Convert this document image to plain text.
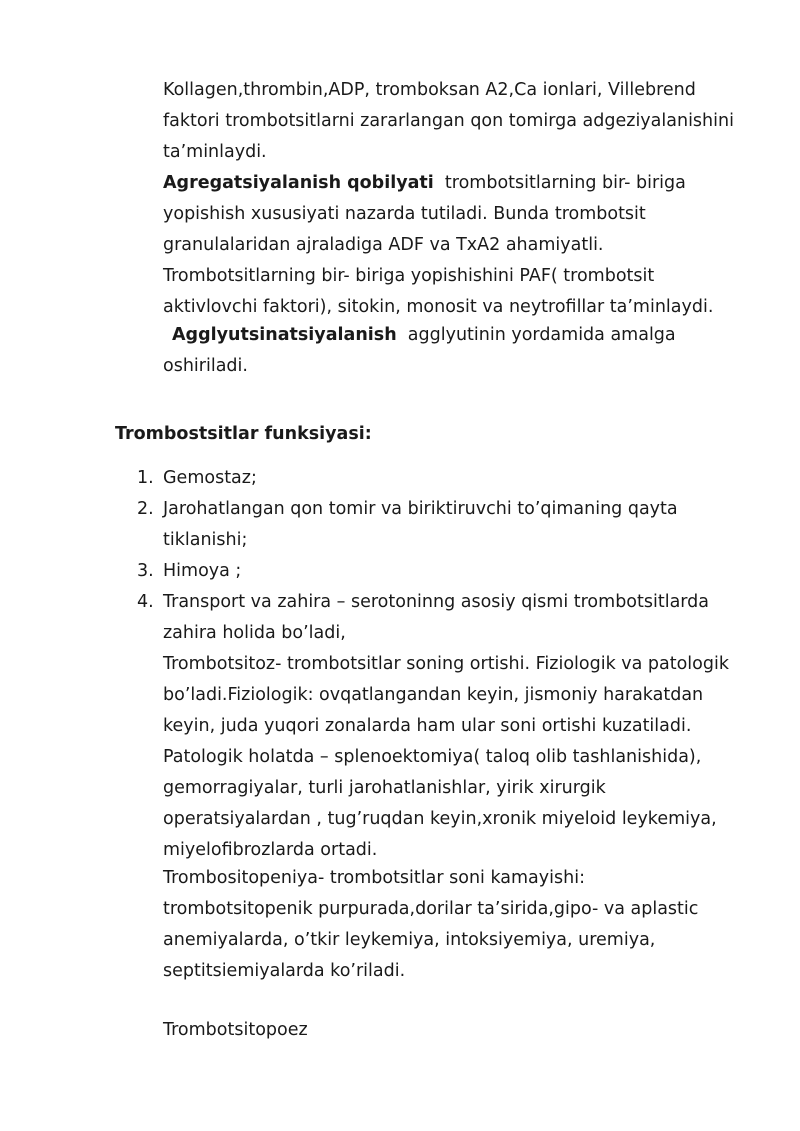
Kollagen,thrombin,ADP, tromboksan A2,Ca ionlari, Villebrend
faktori trombotsitlarni zararlangan qon tomirga adgeziyalanishini
ta’minlaydi.
Agregatsiyalanish qobilyati  trombotsitlarning bir- biriga
yopishish xususiyati nazarda tutiladi. Bunda trombotsit
granulalaridan ajraladiga ADF va TxA2 ahamiyatli.
Trombotsitlarning bir- biriga yopishishini PAF( trombotsit
aktivlovchi faktori), sitokin, monosit va neytrofillar ta’minlaydi.
Agglyutsinatsiyalanish  agglyutinin yordamida amalga
oshiriladi.
Trombostsitlar funksiyasi:
1. Gemostaz;
2. Jarohatlangan qon tomir va biriktiruvchi to’qimaning qayta
tiklanishi;
3. Himoya ;
4. Transport va zahira – serotoninng asosiy qismi trombotsitlarda
zahira holida bo’ladi,
Trombotsitoz- trombotsitlar soning ortishi. Fiziologik va patologik
bo’ladi.Fiziologik: ovqatlangandan keyin, jismoniy harakatdan
keyin, juda yuqori zonalarda ham ular soni ortishi kuzatiladi.
Patologik holatda – splenoektomiya( taloq olib tashlanishida),
gemorragiyalar, turli jarohatlanishlar, yirik xirurgik
operatsiyalardan , tug’ruqdan keyin,xronik miyeloid leykemiya,
miyelofibrozlarda ortadi.
Trombositopeniya- trombotsitlar soni kamayishi:
trombotsitopenik purpurada,dorilar ta’sirida,gipo- va aplastic
anemiyalarda, o’tkir leykemiya, intoksiyemiya, uremiya,
septitsiemiyalarda ko’riladi.
Trombotsitopoez
